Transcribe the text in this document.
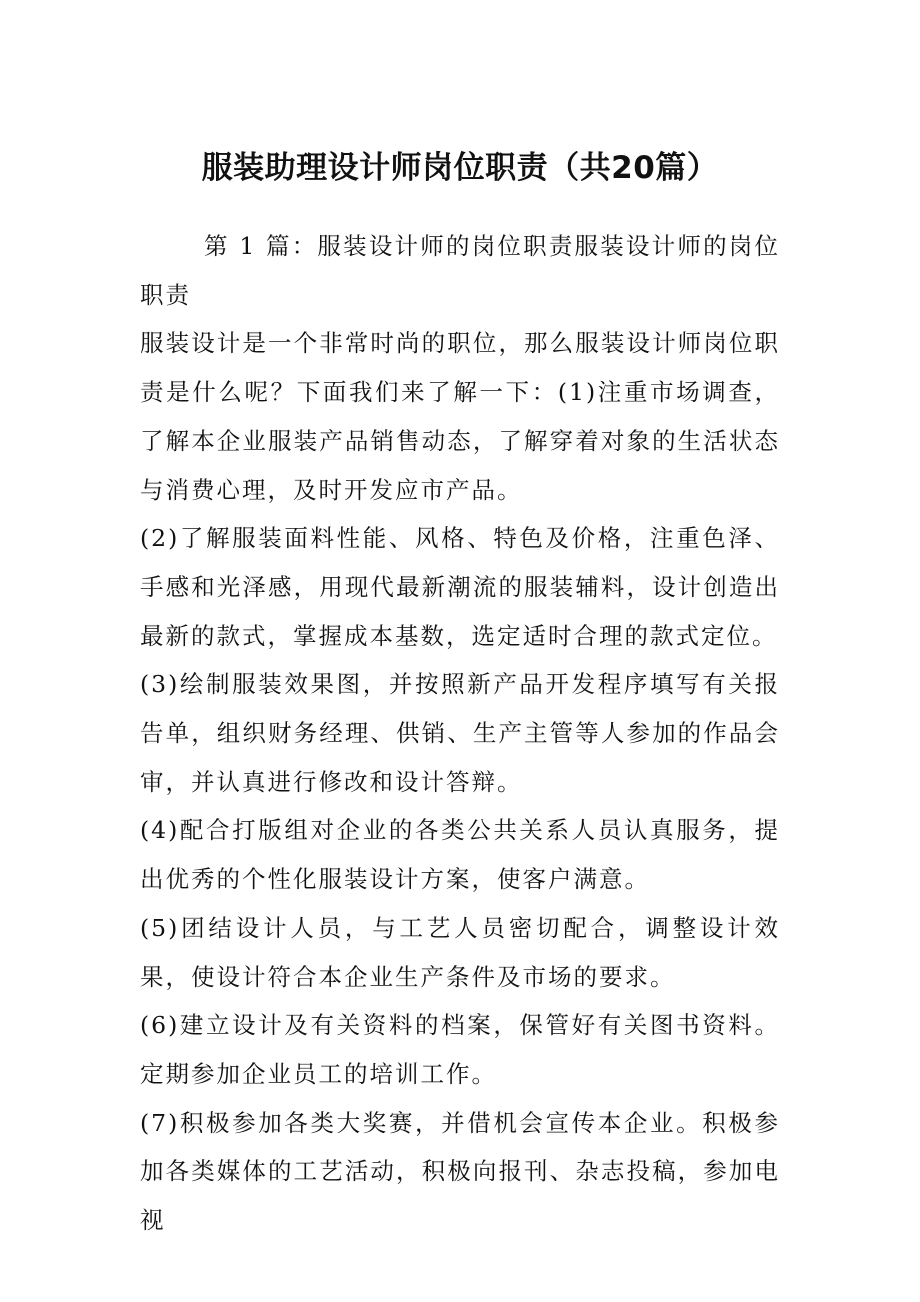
服装助理设计师岗位职责（共20篇）

第 1 篇：服装设计师的岗位职责服装设计师的岗位职责

服装设计是一个非常时尚的职位，那么服装设计师岗位职责是什么呢？下面我们来了解一下：(1)注重市场调查，了解本企业服装产品销售动态，了解穿着对象的生活状态与消费心理，及时开发应市产品。

(2)了解服装面料性能、风格、特色及价格，注重色泽、手感和光泽感，用现代最新潮流的服装辅料，设计创造出最新的款式，掌握成本基数，选定适时合理的款式定位。

(3)绘制服装效果图，并按照新产品开发程序填写有关报告单，组织财务经理、供销、生产主管等人参加的作品会审，并认真进行修改和设计答辩。

(4)配合打版组对企业的各类公共关系人员认真服务，提出优秀的个性化服装设计方案，使客户满意。

(5)团结设计人员，与工艺人员密切配合，调整设计效果，使设计符合本企业生产条件及市场的要求。

(6)建立设计及有关资料的档案，保管好有关图书资料。定期参加企业员工的培训工作。

(7)积极参加各类大奖赛，并借机会宣传本企业。积极参加各类媒体的工艺活动，积极向报刊、杂志投稿，参加电视
